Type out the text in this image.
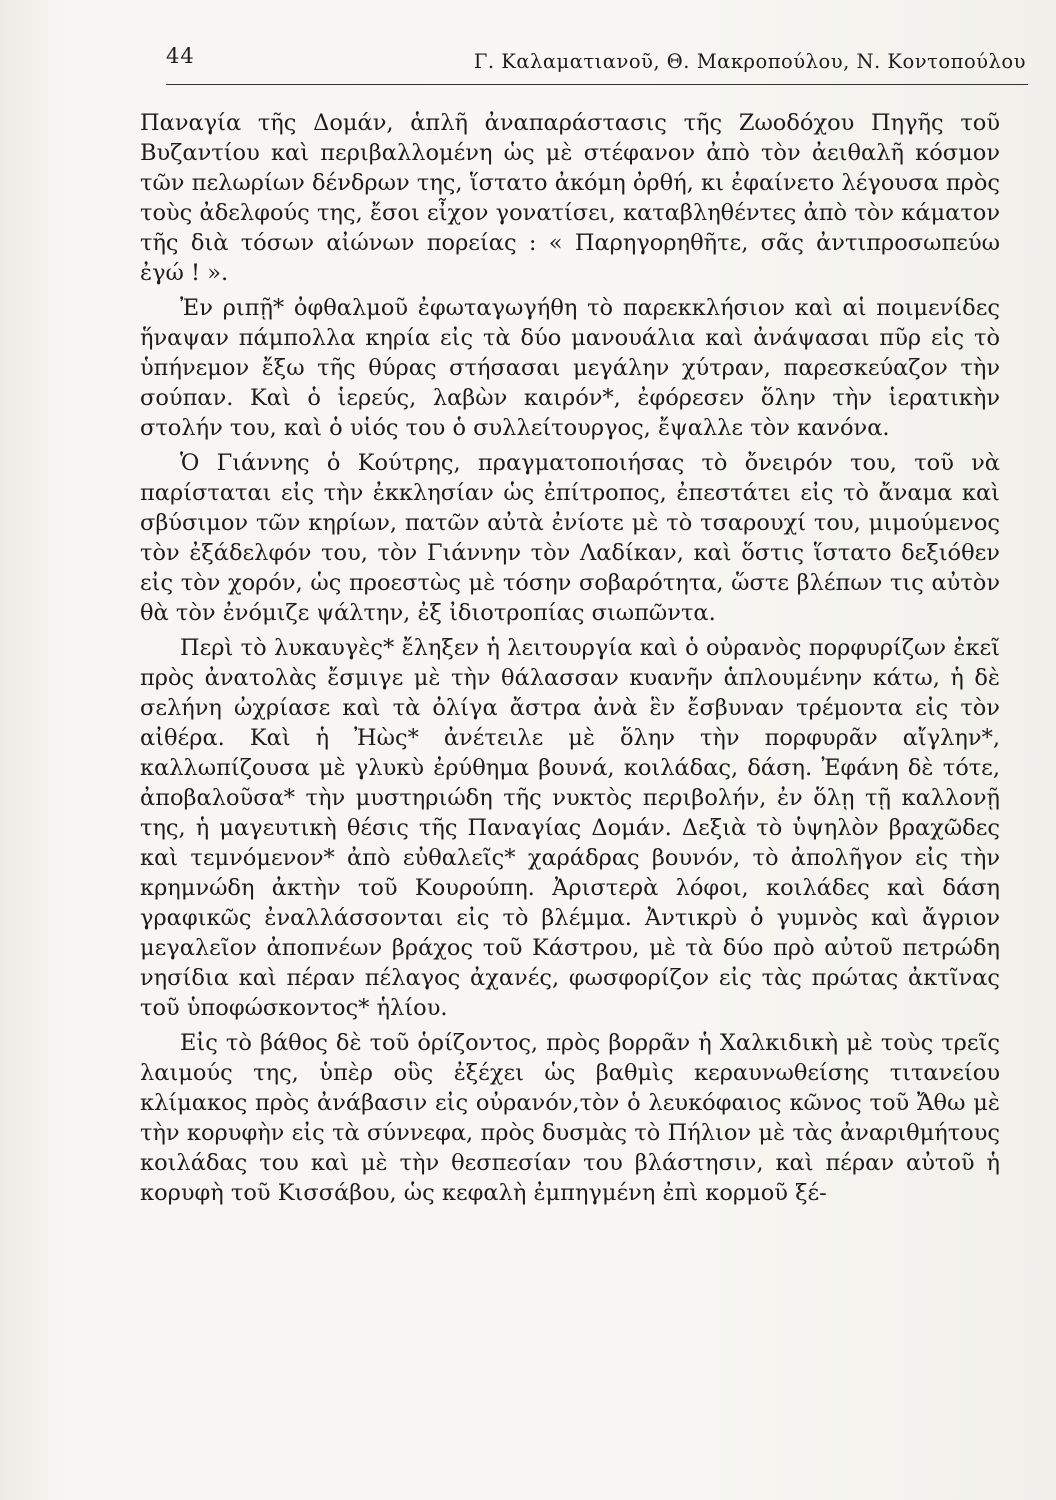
44	Γ. Καλαματιανοῦ, Θ. Μακροπούλου, Ν. Κοντοπούλου

Παναγία τῆς Δομάν, ἁπλῆ ἀναπαράστασις τῆς Ζωοδόχου Πηγῆς τοῦ Βυζαντίου καὶ περιβαλλομένη ὡς μὲ στέφανον ἀπὸ τὸν ἀειθαλῆ κόσμον τῶν πελωρίων δένδρων της, ἵστατο ἀκόμη ὀρθή, κι ἐφαίνετο λέγουσα πρὸς τοὺς ἀδελφούς της, ἔσοι εἶχον γονατίσει, καταβληθέντες ἀπὸ τὸν κάματον τῆς διὰ τόσων αἰώνων πορείας : « Παρηγορηθῆτε, σᾶς ἀντιπροσωπεύω ἐγώ ! ».

Ἐν ριπῇ* ὀφθαλμοῦ ἐφωταγωγήθη τὸ παρεκκλήσιον καὶ αἱ ποιμενίδες ἥναψαν πάμπολλα κηρία εἰς τὰ δύο μανουάλια καὶ ἀνάψασαι πῦρ εἰς τὸ ὑπήνεμον ἔξω τῆς θύρας στήσασαι μεγάλην χύτραν, παρεσκεύαζον τὴν σούπαν. Καὶ ὁ ἱερεύς, λαβὼν καιρόν*, ἐφόρεσεν ὅλην τὴν ἱερατικὴν στολήν του, καὶ ὁ υἱός του ὁ συλλείτουργος, ἔψαλλε τὸν κανόνα.

Ὁ Γιάννης ὁ Κούτρης, πραγματοποιήσας τὸ ὄνειρόν του, τοῦ νὰ παρίσταται εἰς τὴν ἐκκλησίαν ὡς ἐπίτροπος, ἐπεστάτει εἰς τὸ ἄναμα καὶ σβύσιμον τῶν κηρίων, πατῶν αὐτὰ ἐνίοτε μὲ τὸ τσαρουχί του, μιμούμενος τὸν ἐξάδελφόν του, τὸν Γιάννην τὸν Λαδίκαν, καὶ ὅστις ἵστατο δεξιόθεν εἰς τὸν χορόν, ὡς προεστὼς μὲ τόσην σοβαρότητα, ὥστε βλέπων τις αὐτὸν θὰ τὸν ἐνόμιζε ψάλτην, ἐξ ἰδιοτροπίας σιωπῶντα.

Περὶ τὸ λυκαυγὲς* ἔληξεν ἡ λειτουργία καὶ ὁ οὐρανὸς πορφυρίζων ἐκεῖ πρὸς ἀνατολὰς ἔσμιγε μὲ τὴν θάλασσαν κυανῆν ἁπλουμένην κάτω, ἡ δὲ σελήνη ὠχρίασε καὶ τὰ ὀλίγα ἄστρα ἀνὰ ἓν ἔσβυναν τρέμοντα εἰς τὸν αἰθέρα. Καὶ ἡ Ἠὼς* ἀνέτειλε μὲ ὅλην τὴν πορφυρᾶν αἴγλην*, καλλωπίζουσα μὲ γλυκὺ ἐρύθημα βουνά, κοιλάδας, δάση. Ἐφάνη δὲ τότε, ἀποβαλοῦσα* τὴν μυστηριώδη τῆς νυκτὸς περιβολήν, ἐν ὅλῃ τῇ καλλονῇ της, ἡ μαγευτικὴ θέσις τῆς Παναγίας Δομάν. Δεξιὰ τὸ ὑψηλὸν βραχῶδες καὶ τεμνόμενον* ἀπὸ εὐθαλεῖς* χαράδρας βουνόν, τὸ ἀπολῆγον εἰς τὴν κρημνώδη ἀκτὴν τοῦ Κουρούπη. Ἀριστερὰ λόφοι, κοιλάδες καὶ δάση γραφικῶς ἐναλλάσσονται εἰς τὸ βλέμμα. Ἀντικρὺ ὁ γυμνὸς καὶ ἄγριον μεγαλεῖον ἀποπνέων βράχος τοῦ Κάστρου, μὲ τὰ δύο πρὸ αὐτοῦ πετρώδη νησίδια καὶ πέραν πέλαγος ἀχανές, φωσφορίζον εἰς τὰς πρώτας ἀκτῖνας τοῦ ὑποφώσκοντος* ἡλίου.

Εἰς τὸ βάθος δὲ τοῦ ὁρίζοντος, πρὸς βορρᾶν ἡ Χαλκιδικὴ μὲ τοὺς τρεῖς λαιμούς της, ὑπὲρ οὓς ἐξέχει ὡς βαθμὶς κεραυνωθείσης τιτανείου κλίμακος πρὸς ἀνάβασιν εἰς οὐρανόν,τὸν ὁ λευκόφαιος κῶνος τοῦ Ἄθω μὲ τὴν κορυφὴν εἰς τὰ σύννεφα, πρὸς δυσμὰς τὸ Πήλιον μὲ τὰς ἀναριθμήτους κοιλάδας του καὶ μὲ τὴν θεσπεσίαν του βλάστησιν, καὶ πέραν αὐτοῦ ἡ κορυφὴ τοῦ Κισσάβου, ὡς κεφαλὴ ἐμπηγμένη ἐπὶ κορμοῦ ξέ-
